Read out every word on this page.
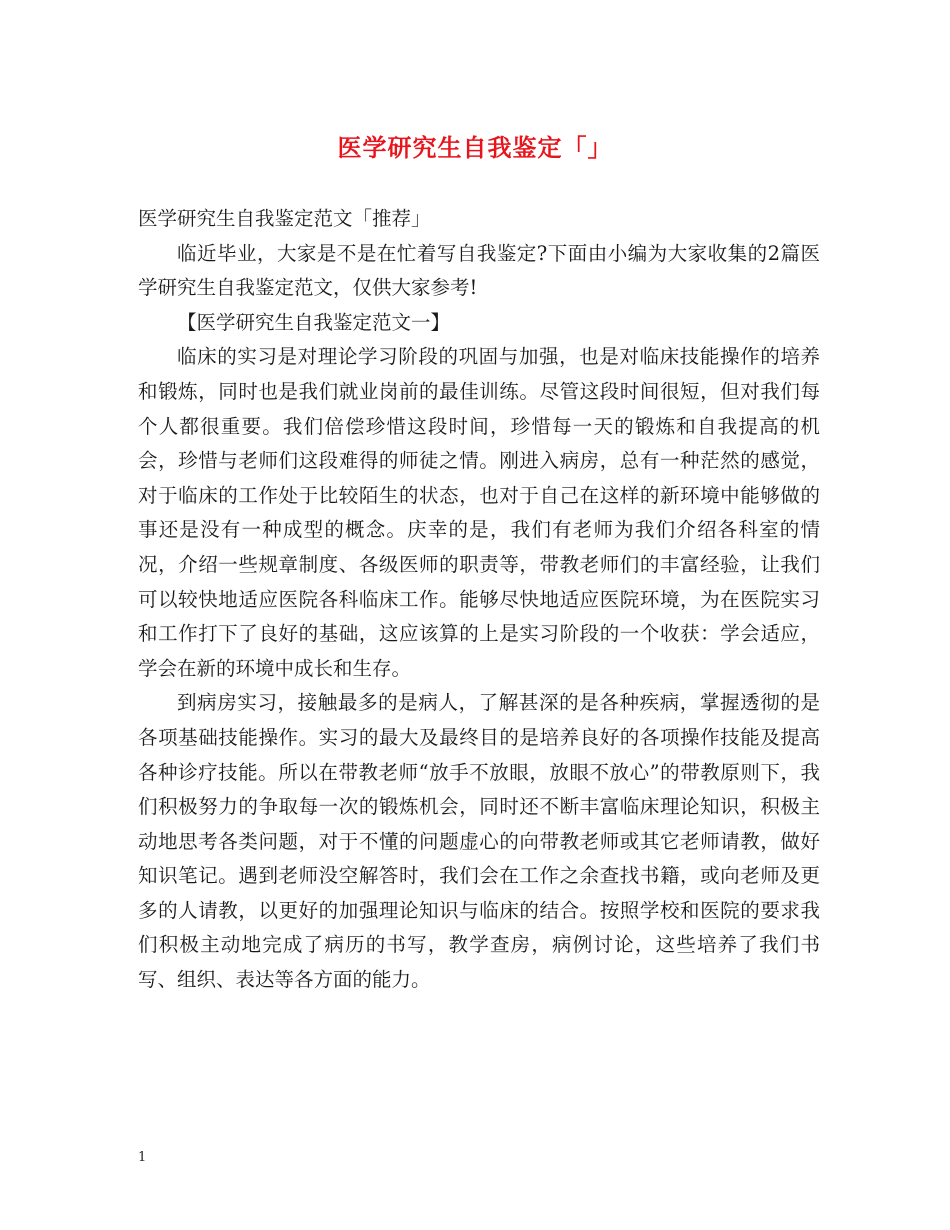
医学研究生自我鉴定「」

医学研究生自我鉴定范文「推荐」

临近毕业，大家是不是在忙着写自我鉴定?下面由小编为大家收集的2篇医学研究生自我鉴定范文，仅供大家参考!

【医学研究生自我鉴定范文一】

临床的实习是对理论学习阶段的巩固与加强，也是对临床技能操作的培养和锻炼，同时也是我们就业岗前的最佳训练。尽管这段时间很短，但对我们每个人都很重要。我们倍偿珍惜这段时间，珍惜每一天的锻炼和自我提高的机会，珍惜与老师们这段难得的师徒之情。刚进入病房，总有一种茫然的感觉，对于临床的工作处于比较陌生的状态，也对于自己在这样的新环境中能够做的事还是没有一种成型的概念。庆幸的是，我们有老师为我们介绍各科室的情况，介绍一些规章制度、各级医师的职责等，带教老师们的丰富经验，让我们可以较快地适应医院各科临床工作。能够尽快地适应医院环境，为在医院实习和工作打下了良好的基础，这应该算的上是实习阶段的一个收获：学会适应，学会在新的环境中成长和生存。

到病房实习，接触最多的是病人，了解甚深的是各种疾病，掌握透彻的是各项基础技能操作。实习的最大及最终目的是培养良好的各项操作技能及提高各种诊疗技能。所以在带教老师“放手不放眼，放眼不放心”的带教原则下，我们积极努力的争取每一次的锻炼机会，同时还不断丰富临床理论知识，积极主动地思考各类问题，对于不懂的问题虚心的向带教老师或其它老师请教，做好知识笔记。遇到老师没空解答时，我们会在工作之余查找书籍，或向老师及更多的人请教，以更好的加强理论知识与临床的结合。按照学校和医院的要求我们积极主动地完成了病历的书写，教学查房，病例讨论，这些培养了我们书写、组织、表达等各方面的能力。

1
